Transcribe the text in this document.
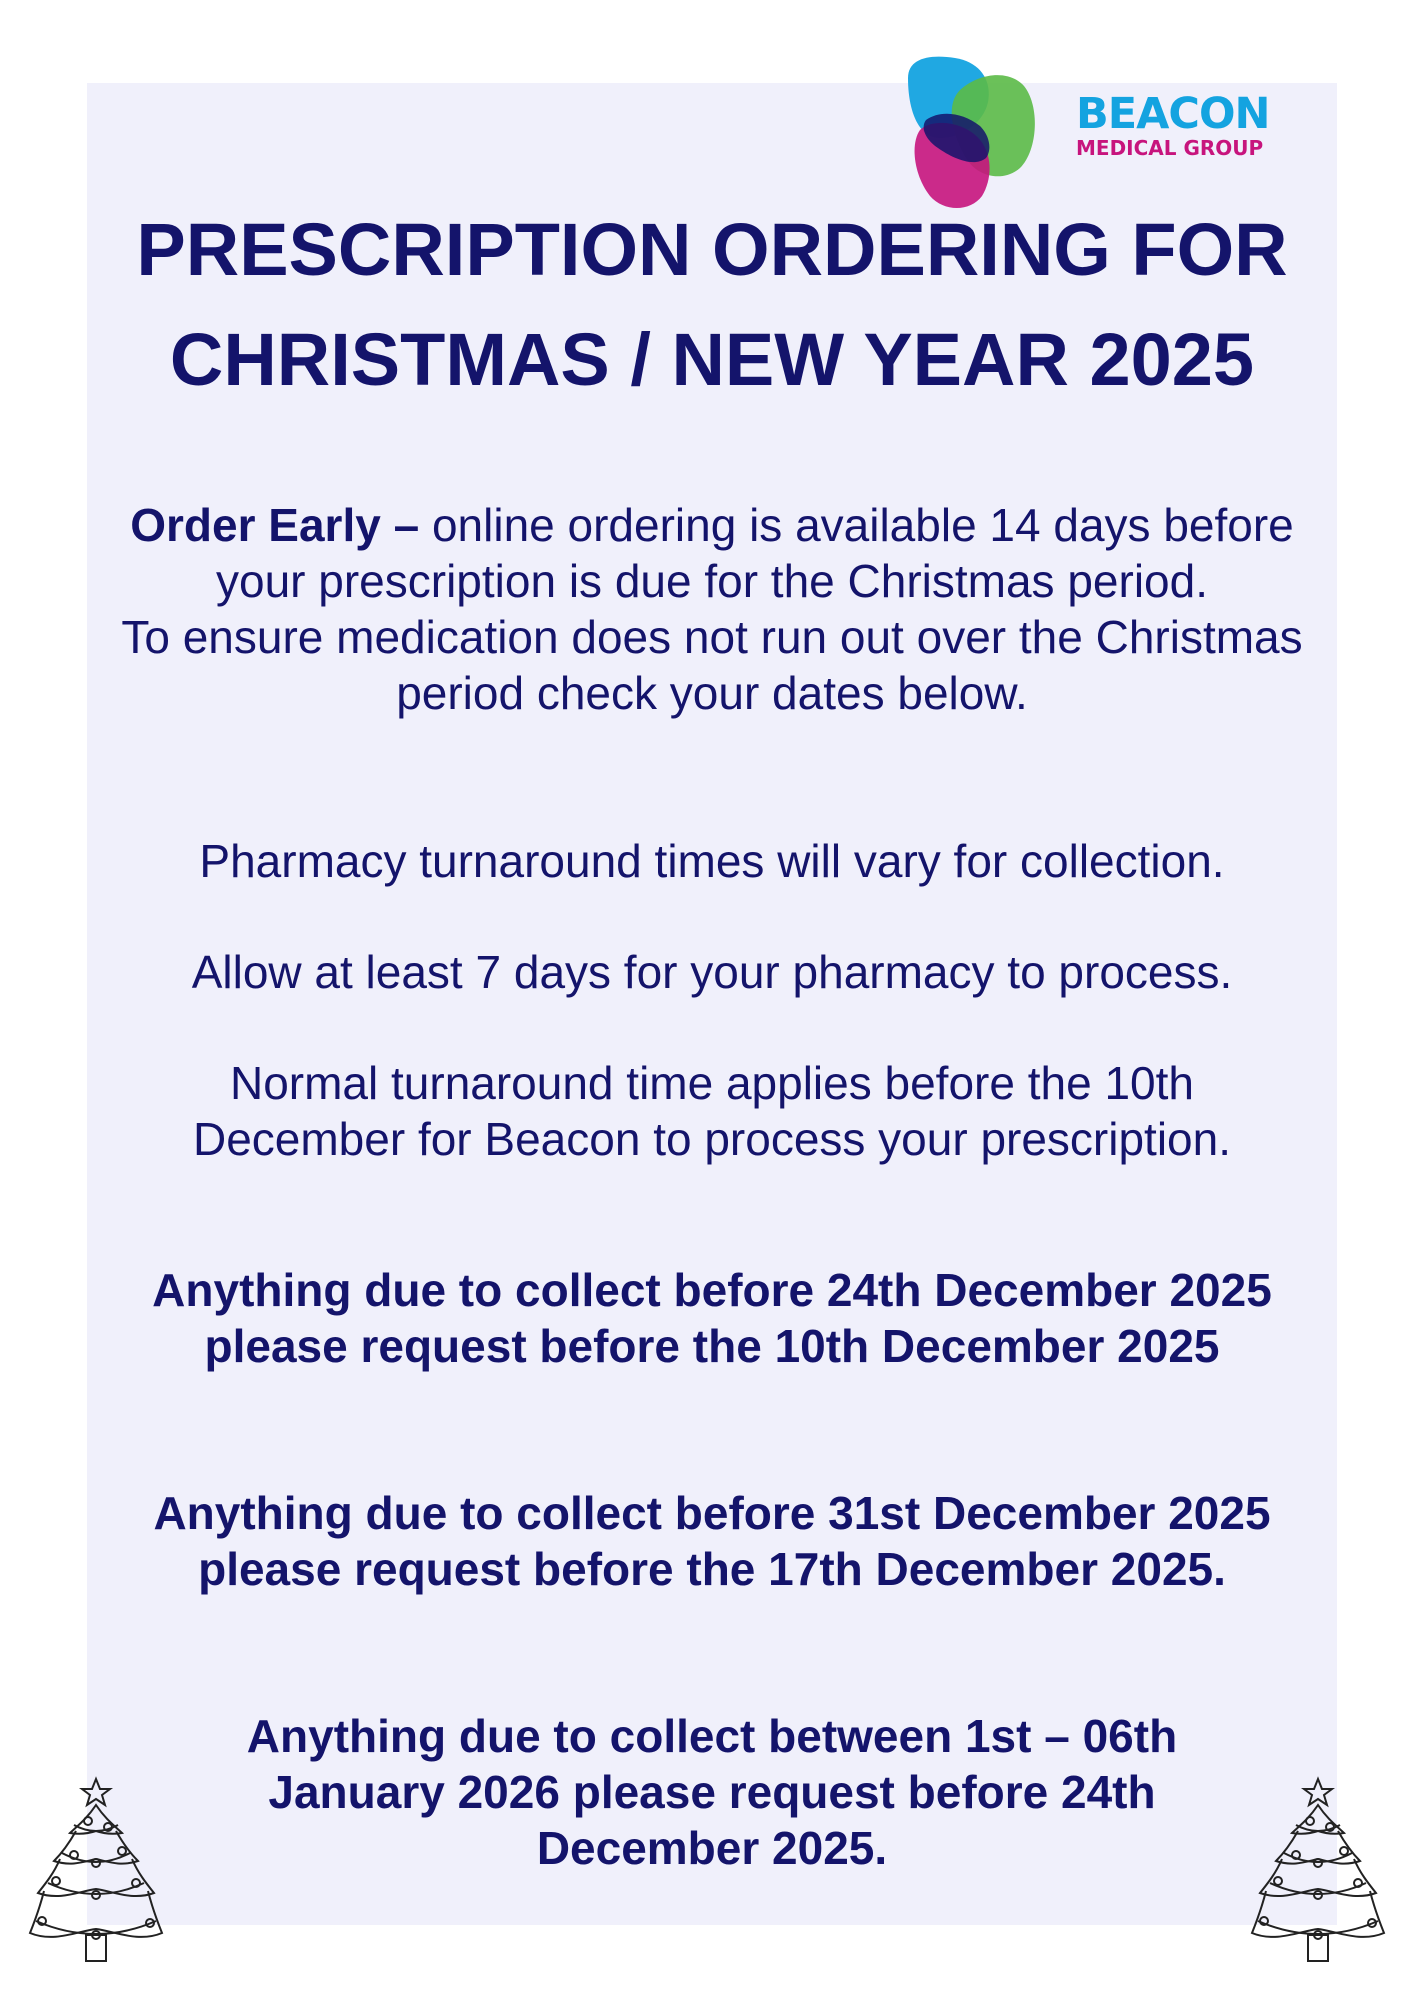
BEACON
MEDICAL GROUP
PRESCRIPTION ORDERING FOR
CHRISTMAS / NEW YEAR 2025

Order Early – online ordering is available 14 days before your prescription is due for the Christmas period.
To ensure medication does not run out over the Christmas period check your dates below.

Pharmacy turnaround times will vary for collection.

Allow at least 7 days for your pharmacy to process.

Normal turnaround time applies before the 10th December for Beacon to process your prescription.

Anything due to collect before 24th December 2025 please request before the 10th December 2025

Anything due to collect before 31st December 2025 please request before the 17th December 2025.

Anything due to collect between 1st – 06th January 2026 please request before 24th December 2025.
